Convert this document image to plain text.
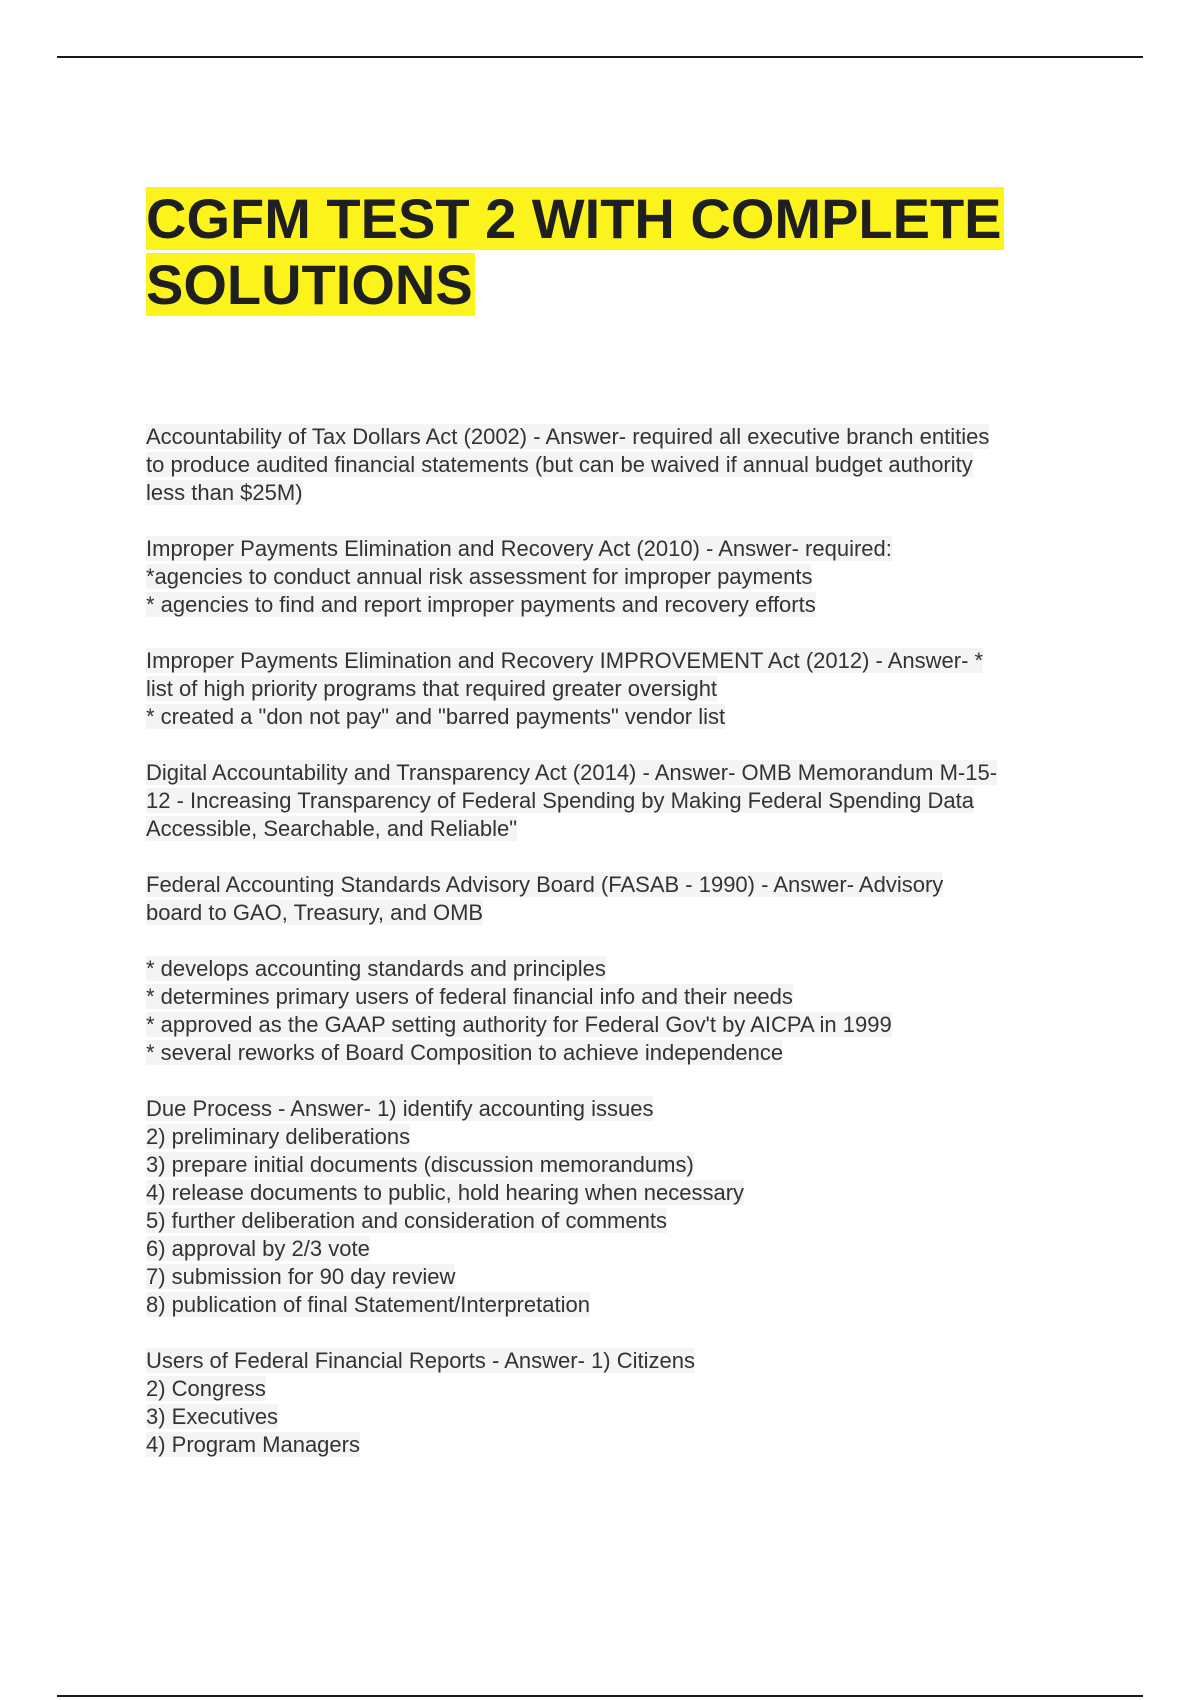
CGFM TEST 2 WITH COMPLETE
SOLUTIONS
Accountability of Tax Dollars Act (2002) - Answer- required all executive branch entities
to produce audited financial statements (but can be waived if annual budget authority
less than $25M)
Improper Payments Elimination and Recovery Act (2010) - Answer- required:
*agencies to conduct annual risk assessment for improper payments
* agencies to find and report improper payments and recovery efforts
Improper Payments Elimination and Recovery IMPROVEMENT Act (2012) - Answer- *
list of high priority programs that required greater oversight
* created a "don not pay" and "barred payments" vendor list
Digital Accountability and Transparency Act (2014) - Answer- OMB Memorandum M-15-
12 - Increasing Transparency of Federal Spending by Making Federal Spending Data
Accessible, Searchable, and Reliable"
Federal Accounting Standards Advisory Board (FASAB - 1990) - Answer- Advisory
board to GAO, Treasury, and OMB
* develops accounting standards and principles
* determines primary users of federal financial info and their needs
* approved as the GAAP setting authority for Federal Gov't by AICPA in 1999
* several reworks of Board Composition to achieve independence
Due Process - Answer- 1) identify accounting issues
2) preliminary deliberations
3) prepare initial documents (discussion memorandums)
4) release documents to public, hold hearing when necessary
5) further deliberation and consideration of comments
6) approval by 2/3 vote
7) submission for 90 day review
8) publication of final Statement/Interpretation
Users of Federal Financial Reports - Answer- 1) Citizens
2) Congress
3) Executives
4) Program Managers
